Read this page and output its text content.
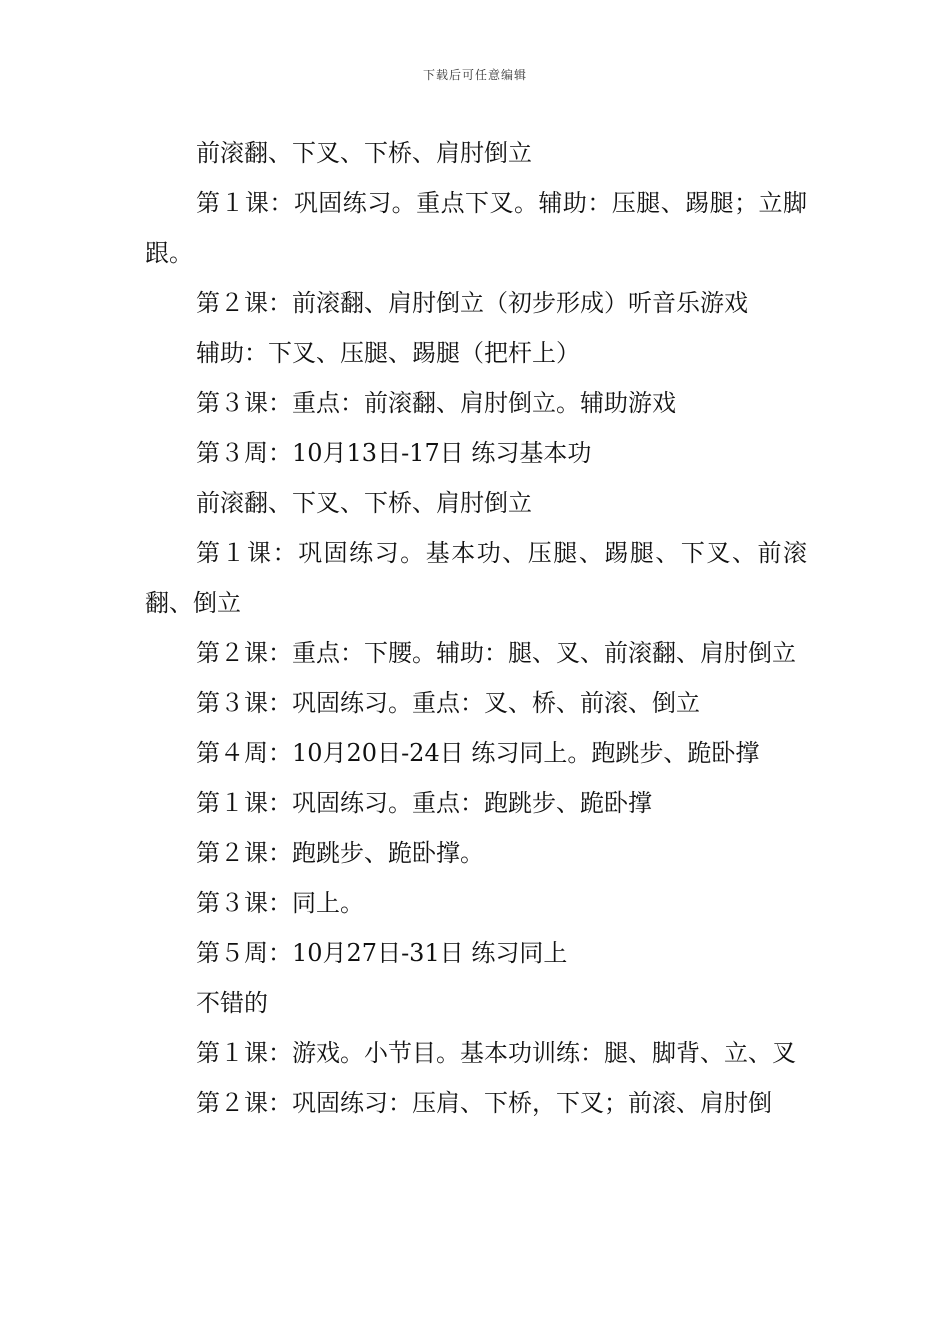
下载后可任意编辑

前滚翻、下叉、下桥、肩肘倒立

第１课：巩固练习。重点下叉。辅助：压腿、踢腿；立脚跟。

第２课：前滚翻、肩肘倒立（初步形成）听音乐游戏

辅助：下叉、压腿、踢腿（把杆上）

第３课：重点：前滚翻、肩肘倒立。辅助游戏

第３周：10月13日-17日 练习基本功

前滚翻、下叉、下桥、肩肘倒立

第１课：巩固练习。基本功、压腿、踢腿、下叉、前滚翻、倒立

第２课：重点：下腰。辅助：腿、叉、前滚翻、肩肘倒立

第３课：巩固练习。重点：叉、桥、前滚、倒立

第４周：10月20日-24日 练习同上。跑跳步、跪卧撑

第１课：巩固练习。重点：跑跳步、跪卧撑

第２课：跑跳步、跪卧撑。

第３课：同上。

第５周：10月27日-31日 练习同上

不错的

第１课：游戏。小节目。基本功训练：腿、脚背、立、叉

第２课：巩固练习：压肩、下桥，下叉；前滚、肩肘倒
